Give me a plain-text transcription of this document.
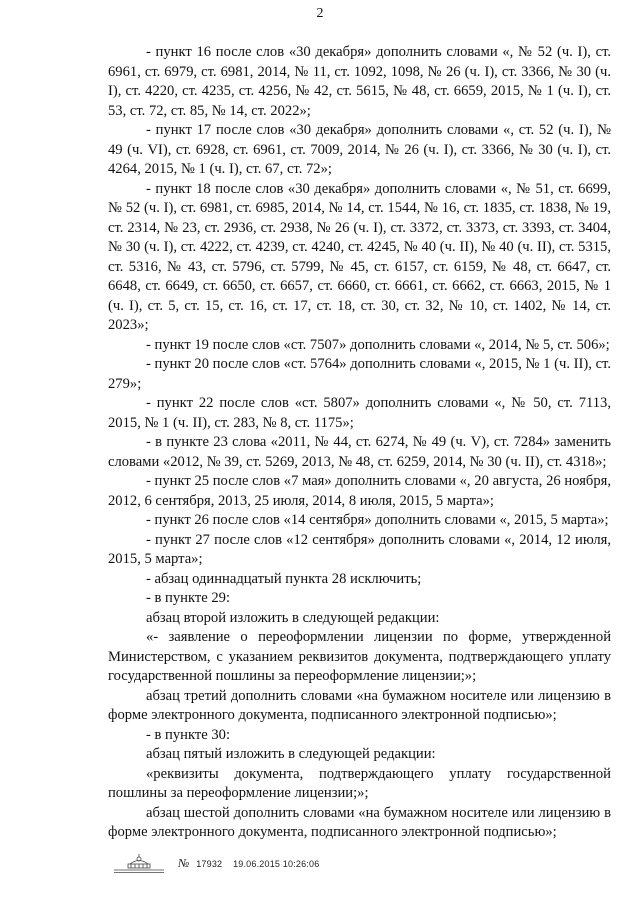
2

- пункт 16 после слов «30 декабря» дополнить словами «, № 52 (ч. I), ст. 6961, ст. 6979, ст. 6981, 2014, № 11, ст. 1092, 1098, № 26 (ч. I), ст. 3366, № 30 (ч. I), ст. 4220, ст. 4235, ст. 4256, № 42, ст. 5615, № 48, ст. 6659, 2015, № 1 (ч. I), ст. 53, ст. 72, ст. 85, № 14, ст. 2022»;

- пункт 17 после слов «30 декабря» дополнить словами «, ст. 52 (ч. I), № 49 (ч. VI), ст. 6928, ст. 6961, ст. 7009, 2014, № 26 (ч. I), ст. 3366, № 30 (ч. I), ст. 4264, 2015, № 1 (ч. I), ст. 67, ст. 72»;

- пункт 18 после слов «30 декабря» дополнить словами «, № 51, ст. 6699, № 52 (ч. I), ст. 6981, ст. 6985, 2014, № 14, ст. 1544, № 16, ст. 1835, ст. 1838, № 19, ст. 2314, № 23, ст. 2936, ст. 2938, № 26 (ч. I), ст. 3372, ст. 3373, ст. 3393, ст. 3404, № 30 (ч. I), ст. 4222, ст. 4239, ст. 4240, ст. 4245, № 40 (ч. II), № 40 (ч. II), ст. 5315, ст. 5316, № 43, ст. 5796, ст. 5799, № 45, ст. 6157, ст. 6159, № 48, ст. 6647, ст. 6648, ст. 6649, ст. 6650, ст. 6657, ст. 6660, ст. 6661, ст. 6662, ст. 6663, 2015, № 1 (ч. I), ст. 5, ст. 15, ст. 16, ст. 17, ст. 18, ст. 30, ст. 32, № 10, ст. 1402, № 14, ст. 2023»;

- пункт 19 после слов «ст. 7507» дополнить словами «, 2014, № 5, ст. 506»;

- пункт 20 после слов «ст. 5764» дополнить словами «, 2015, № 1 (ч. II), ст. 279»;

- пункт 22 после слов «ст. 5807» дополнить словами «, № 50, ст. 7113, 2015, № 1 (ч. II), ст. 283, № 8, ст. 1175»;

- в пункте 23 слова «2011, № 44, ст. 6274, № 49 (ч. V), ст. 7284» заменить словами «2012, № 39, ст. 5269, 2013, № 48, ст. 6259, 2014, № 30 (ч. II), ст. 4318»;

- пункт 25 после слов «7 мая» дополнить словами «, 20 августа, 26 ноября, 2012, 6 сентября, 2013, 25 июля, 2014, 8 июля, 2015, 5 марта»;

- пункт 26 после слов «14 сентября» дополнить словами «, 2015, 5 марта»;

- пункт 27 после слов «12 сентября» дополнить словами «, 2014, 12 июля, 2015, 5 марта»;

- абзац одиннадцатый пункта 28 исключить;

- в пункте 29:

абзац второй изложить в следующей редакции:

«- заявление о переоформлении лицензии по форме, утвержденной Министерством, с указанием реквизитов документа, подтверждающего уплату государственной пошлины за переоформление лицензии;»;

абзац третий дополнить словами «на бумажном носителе или лицензию в форме электронного документа, подписанного электронной подписью»;

- в пункте 30:

абзац пятый изложить в следующей редакции:

«реквизиты документа, подтверждающего уплату государственной пошлины за переоформление лицензии;»;

абзац шестой дополнить словами «на бумажном носителе или лицензию в форме электронного документа, подписанного электронной подписью»;

№ 17932 19.06.2015 10:26:06
